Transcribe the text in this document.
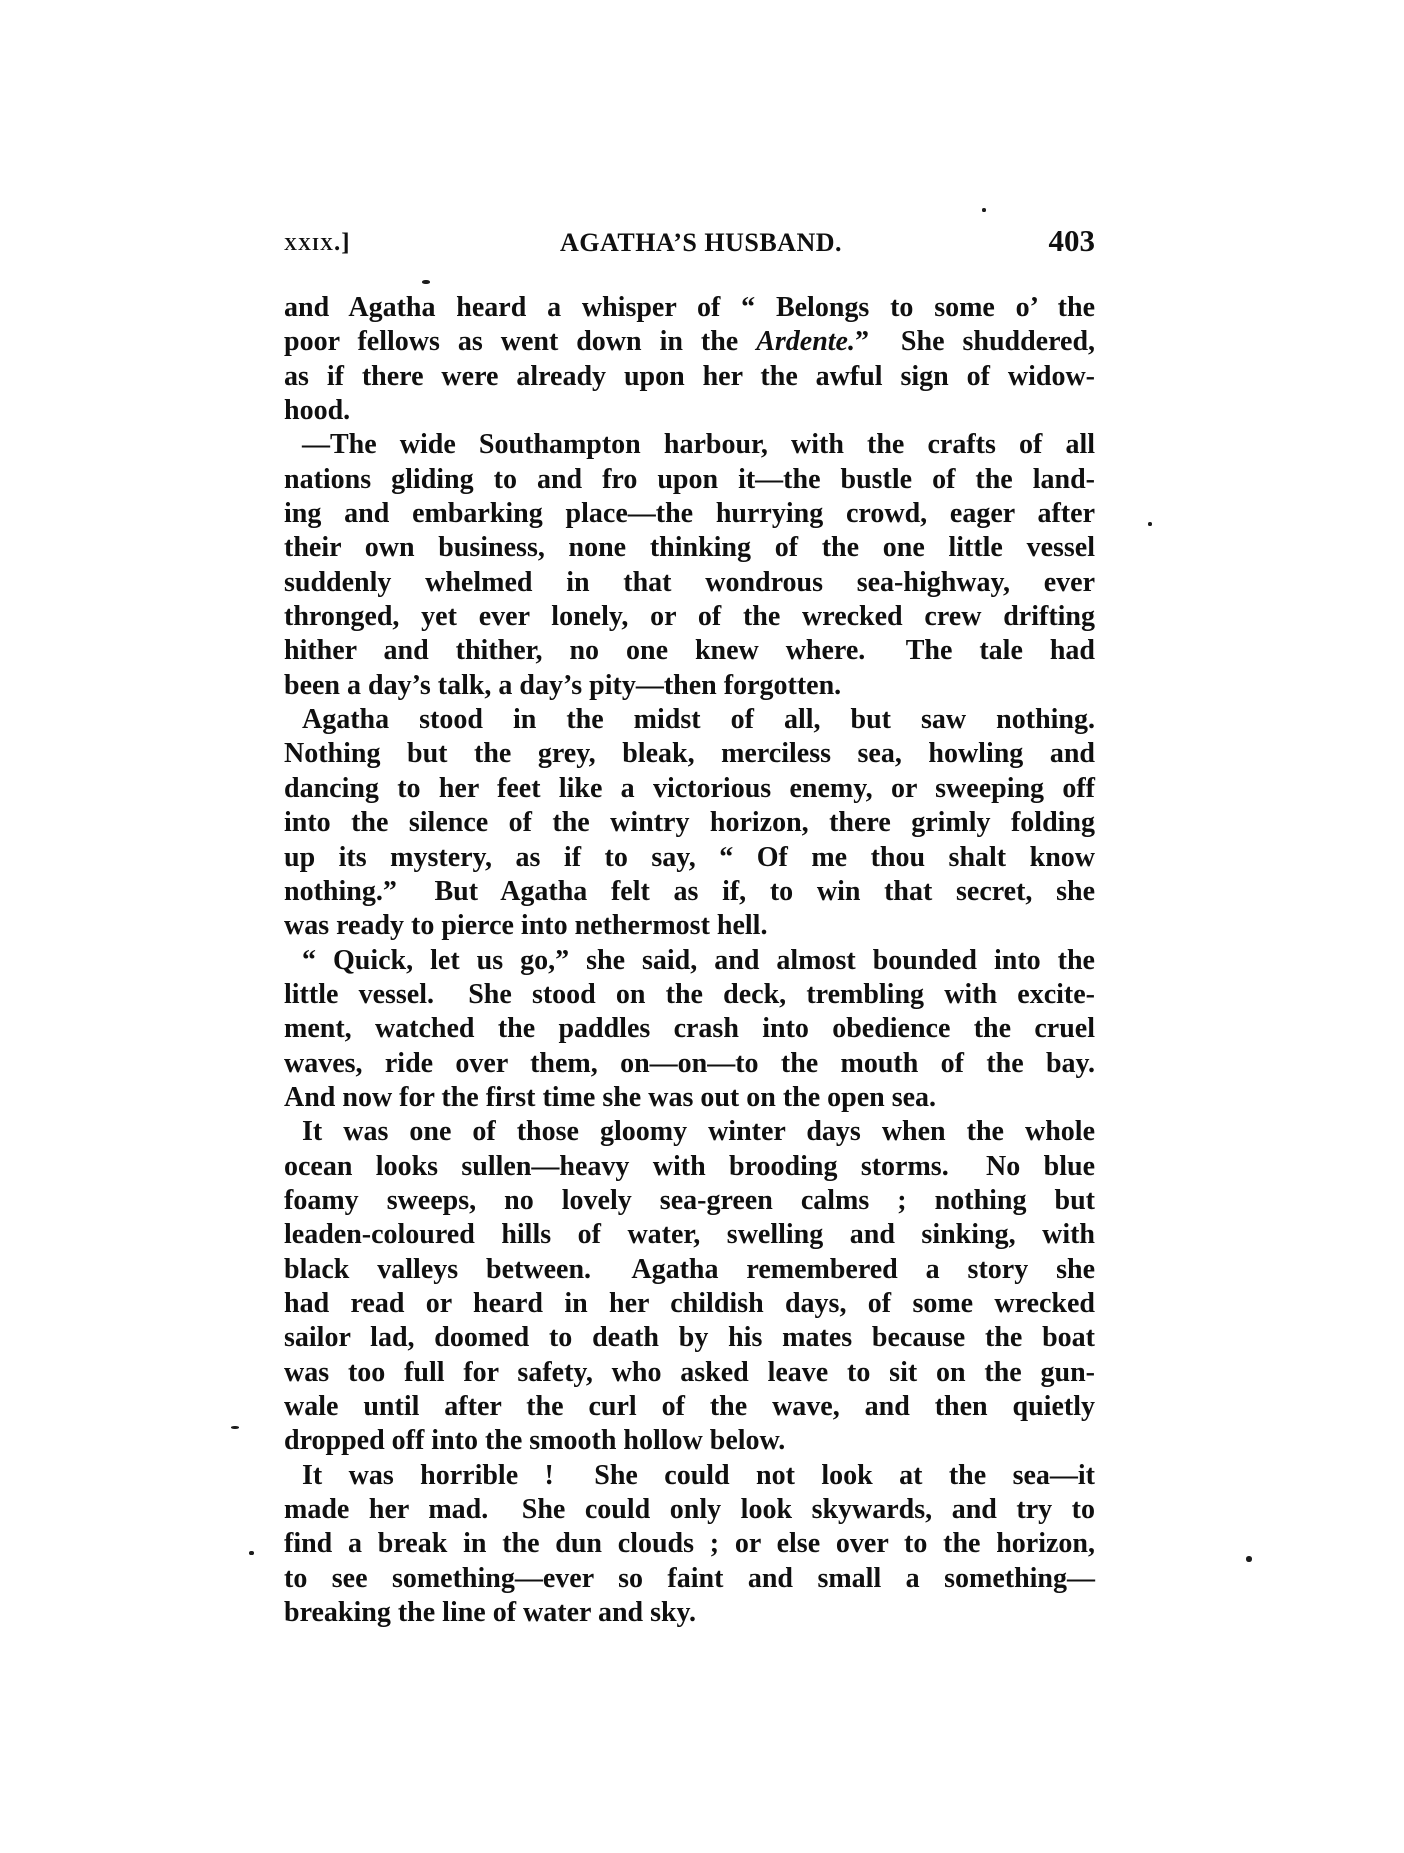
xxix.]	AGATHA’S HUSBAND.	403
and Agatha heard a whisper of “ Belongs to some o’ the
poor fellows as went down in the Ardente.”  She shuddered,
as if there were already upon her the awful sign of widow-
hood.
—The wide Southampton harbour, with the crafts of all
nations gliding to and fro upon it—the bustle of the land-
ing and embarking place—the hurrying crowd, eager after
their own business, none thinking of the one little vessel
suddenly whelmed in that wondrous sea-highway, ever
thronged, yet ever lonely, or of the wrecked crew drifting
hither and thither, no one knew where.  The tale had
been a day’s talk, a day’s pity—then forgotten.
Agatha stood in the midst of all, but saw nothing.
Nothing but the grey, bleak, merciless sea, howling and
dancing to her feet like a victorious enemy, or sweeping off
into the silence of the wintry horizon, there grimly folding
up its mystery, as if to say, “ Of me thou shalt know
nothing.”  But Agatha felt as if, to win that secret, she
was ready to pierce into nethermost hell.
“ Quick, let us go,” she said, and almost bounded into the
little vessel.  She stood on the deck, trembling with excite-
ment, watched the paddles crash into obedience the cruel
waves, ride over them, on—on—to the mouth of the bay.
And now for the first time she was out on the open sea.
It was one of those gloomy winter days when the whole
ocean looks sullen—heavy with brooding storms.  No blue
foamy sweeps, no lovely sea-green calms ; nothing but
leaden-coloured hills of water, swelling and sinking, with
black valleys between.  Agatha remembered a story she
had read or heard in her childish days, of some wrecked
sailor lad, doomed to death by his mates because the boat
was too full for safety, who asked leave to sit on the gun-
wale until after the curl of the wave, and then quietly
dropped off into the smooth hollow below.
It was horrible !  She could not look at the sea—it
made her mad.  She could only look skywards, and try to
find a break in the dun clouds ; or else over to the horizon,
to see something—ever so faint and small a something—
breaking the line of water and sky.
